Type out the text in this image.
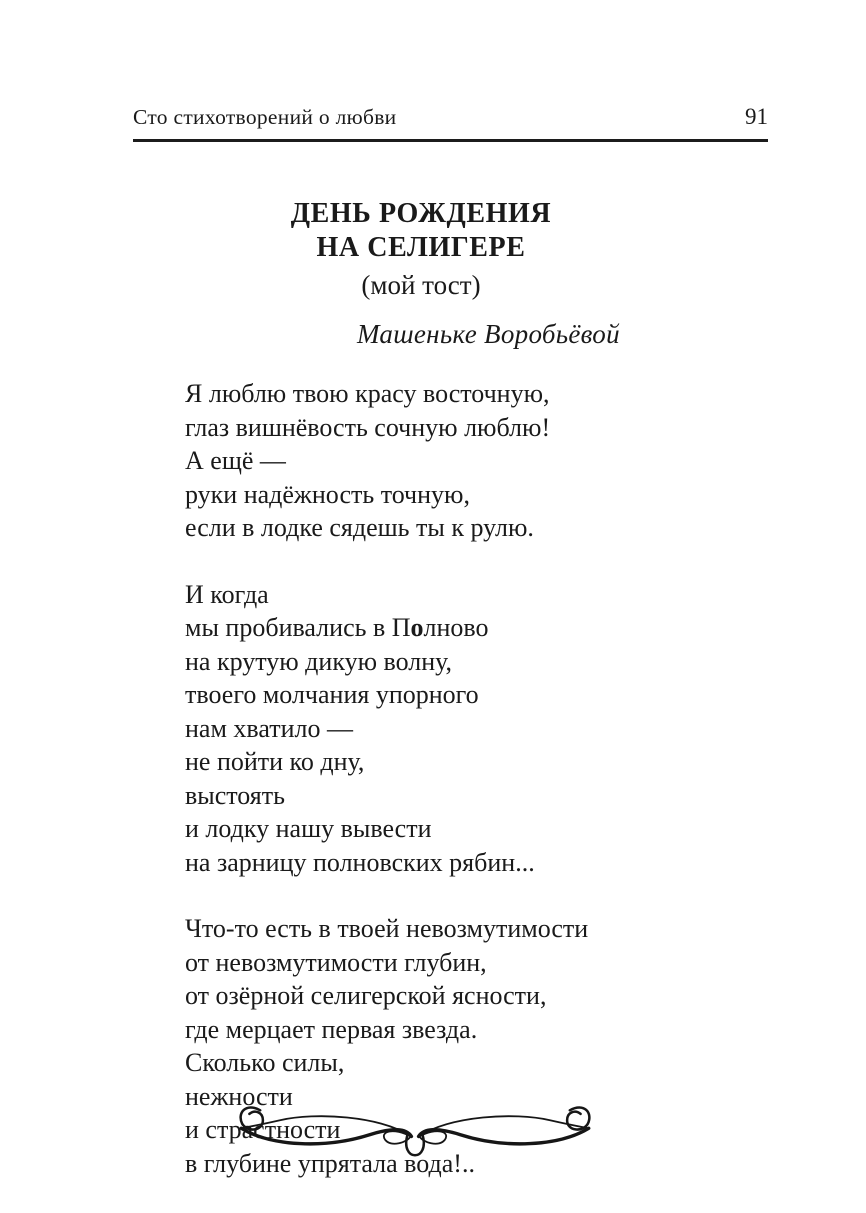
Сто стихотворений о любви	91
ДЕНЬ РОЖДЕНИЯ
НА СЕЛИГЕРЕ
(мой тост)
Машеньке Воробьёвой
Я люблю твою красу восточную,
глаз вишнёвость сочную люблю!
А ещё —
руки надёжность точную,
если в лодке сядешь ты к рулю.
И когда
мы пробивались в Полново
на крутую дикую волну,
твоего молчания упорного
нам хватило —
не пойти ко дну,
выстоять
и лодку нашу вывести
на зарницу полновских рябин...
Что-то есть в твоей невозмутимости
от невозмутимости глубин,
от озёрной селигерской ясности,
где мерцает первая звезда.
Сколько силы,
нежности
и страстности
в глубине упрятала вода!..
